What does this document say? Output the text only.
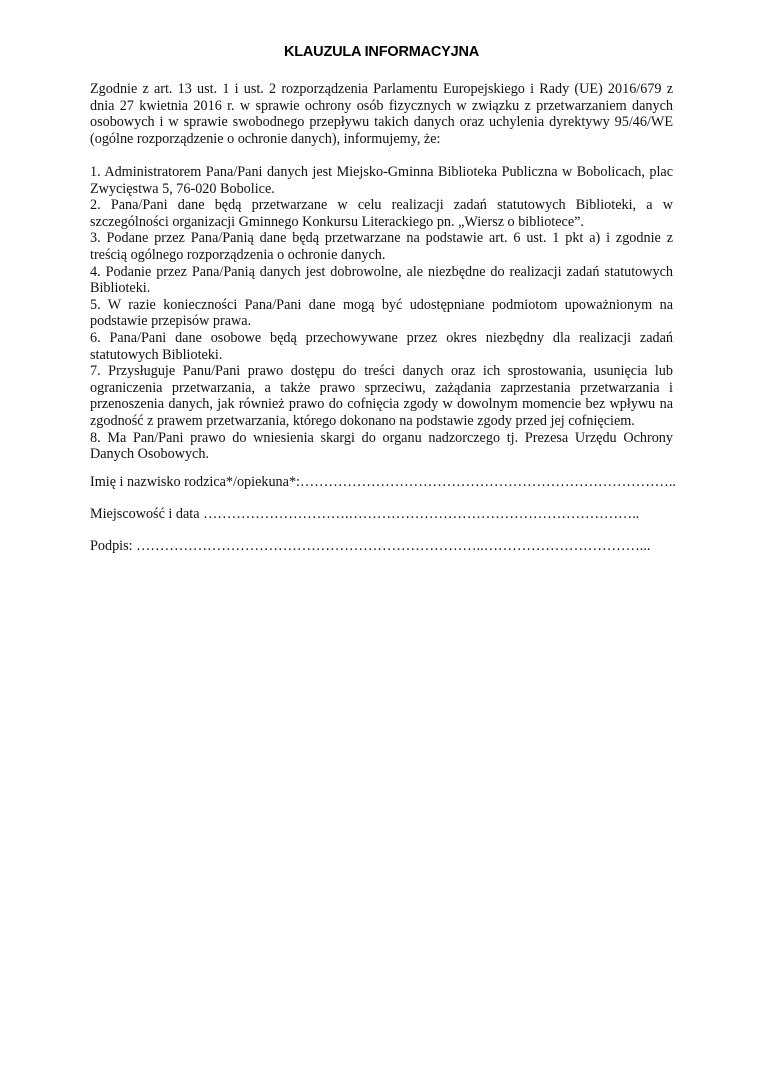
KLAUZULA INFORMACYJNA

Zgodnie z art. 13 ust. 1 i ust. 2 rozporządzenia Parlamentu Europejskiego i Rady (UE) 2016/679 z dnia 27 kwietnia 2016 r. w sprawie ochrony osób fizycznych w związku z przetwarzaniem danych osobowych i w sprawie swobodnego przepływu takich danych oraz uchylenia dyrektywy 95/46/WE (ogólne rozporządzenie o ochronie danych), informujemy, że:

1. Administratorem Pana/Pani danych jest Miejsko-Gminna Biblioteka Publiczna w Bobolicach, plac Zwycięstwa 5, 76-020 Bobolice.

2. Pana/Pani dane będą przetwarzane w celu realizacji zadań statutowych Biblioteki, a w szczególności organizacji Gminnego Konkursu Literackiego pn. „Wiersz o bibliotece”.

3. Podane przez Pana/Panią dane będą przetwarzane na podstawie art. 6 ust. 1 pkt a) i zgodnie z treścią ogólnego rozporządzenia o ochronie danych.

4. Podanie przez Pana/Panią danych jest dobrowolne, ale niezbędne do realizacji zadań statutowych Biblioteki.

5. W razie konieczności Pana/Pani dane mogą być udostępniane podmiotom upoważnionym na podstawie przepisów prawa.

6. Pana/Pani dane osobowe będą przechowywane przez okres niezbędny dla realizacji zadań statutowych Biblioteki.

7. Przysługuje Panu/Pani prawo dostępu do treści danych oraz ich sprostowania, usunięcia lub ograniczenia przetwarzania, a także prawo sprzeciwu, zażądania zaprzestania przetwarzania i przenoszenia danych, jak również prawo do cofnięcia zgody w dowolnym momencie bez wpływu na zgodność z prawem przetwarzania, którego dokonano na podstawie zgody przed jej cofnięciem.

8. Ma Pan/Pani prawo do wniesienia skargi do organu nadzorczego tj. Prezesa Urzędu Ochrony Danych Osobowych.

Imię i nazwisko rodzica*/opiekuna*:……………………………………………………………………..
Miejscowość i data ………………………….……………………………………………………..
Podpis: ………………………………………………………………..……………………………...
